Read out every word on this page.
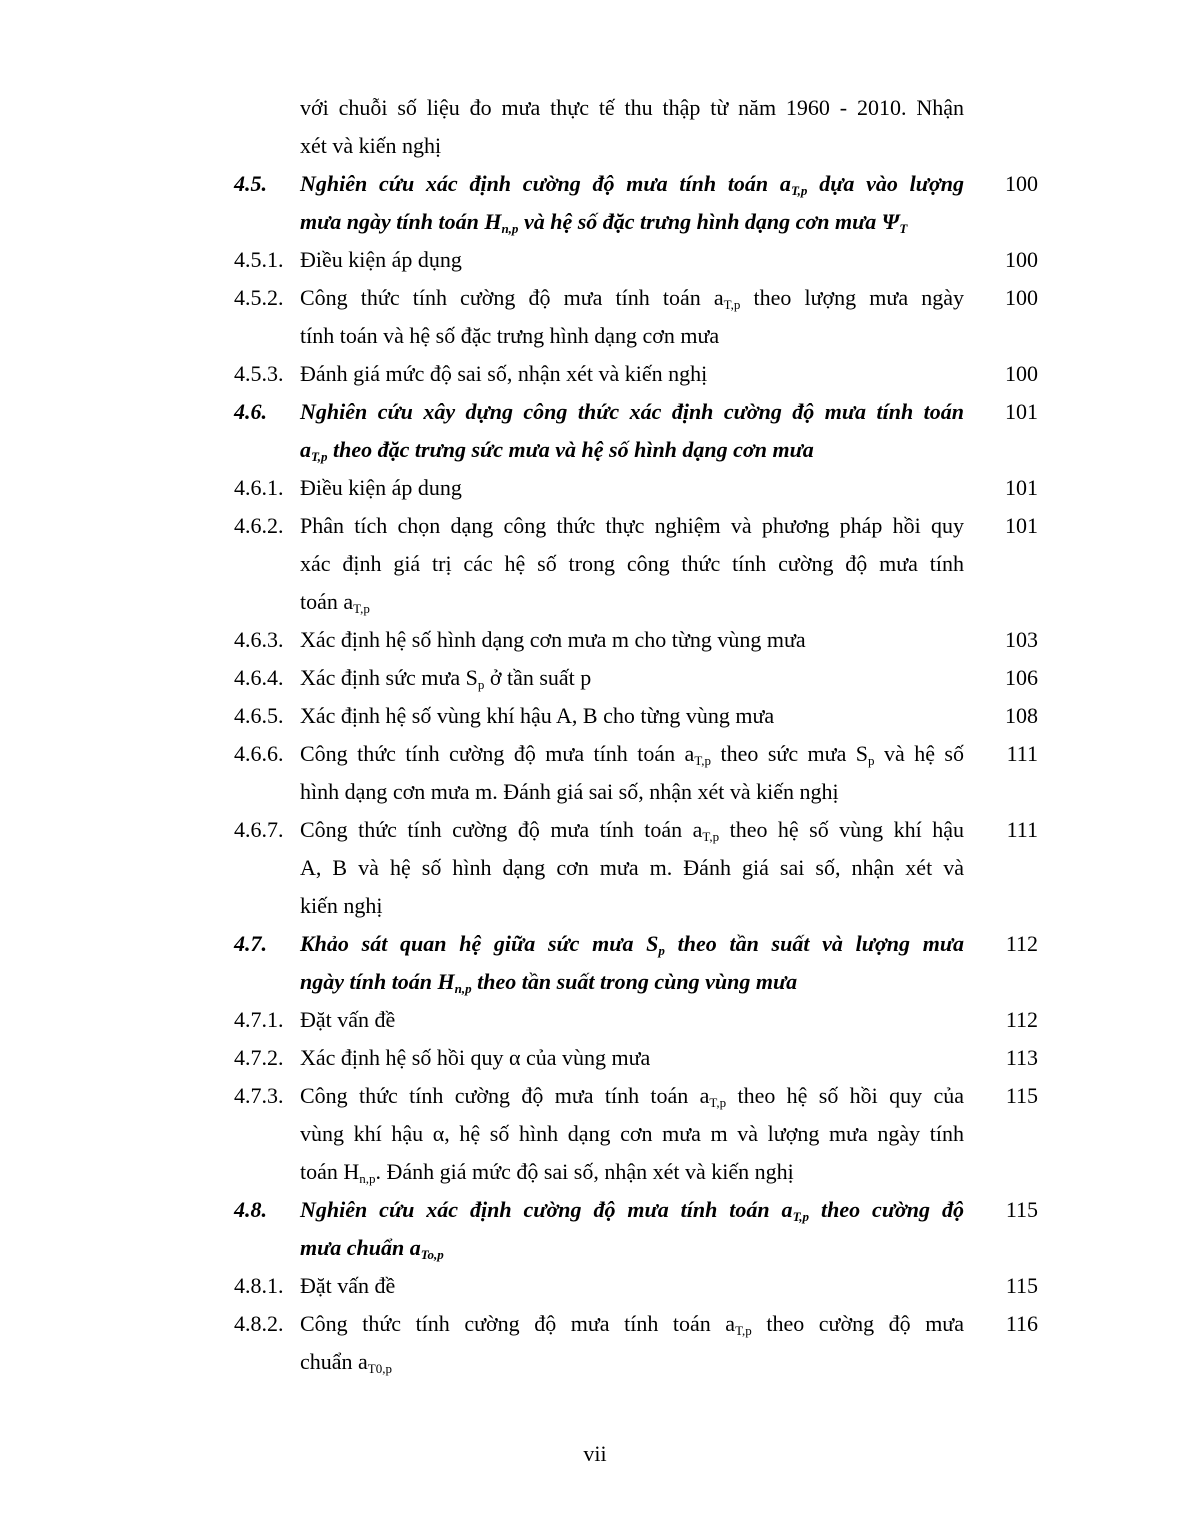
với chuỗi số liệu đo mưa thực tế thu thập từ năm 1960 - 2010. Nhận
xét và kiến nghị
4.5. Nghiên cứu xác định cường độ mưa tính toán $a_{T,p}$ dựa vào lượng
mưa ngày tính toán $H_{n,p}$ và hệ số đặc trưng hình dạng cơn mưa $\Psi_T$
100
4.5.1. Điều kiện áp dụng	100
4.5.2. Công thức tính cường độ mưa tính toán $a_{T,p}$ theo lượng mưa ngày
tính toán và hệ số đặc trưng hình dạng cơn mưa
100
4.5.3. Đánh giá mức độ sai số, nhận xét và kiến nghị	100
4.6. Nghiên cứu xây dựng công thức xác định cường độ mưa tính toán
$a_{T,p}$ theo đặc trưng sức mưa và hệ số hình dạng cơn mưa
101
4.6.1. Điều kiện áp dung	101
4.6.2. Phân tích chọn dạng công thức thực nghiệm và phương pháp hồi quy
xác định giá trị các hệ số trong công thức tính cường độ mưa tính
toán $a_{T,p}$
101
4.6.3. Xác định hệ số hình dạng cơn mưa m cho từng vùng mưa	103
4.6.4. Xác định sức mưa $S_p$ ở tần suất p	106
4.6.5. Xác định hệ số vùng khí hậu A, B cho từng vùng mưa	108
4.6.6. Công thức tính cường độ mưa tính toán $a_{T,p}$ theo sức mưa $S_p$ và hệ số
hình dạng cơn mưa m. Đánh giá sai số, nhận xét và kiến nghị
111
4.6.7. Công thức tính cường độ mưa tính toán $a_{T,p}$ theo hệ số vùng khí hậu
A, B và hệ số hình dạng cơn mưa m. Đánh giá sai số, nhận xét và
kiến nghị
111
4.7. Khảo sát quan hệ giữa sức mưa $S_p$ theo tần suất và lượng mưa
ngày tính toán $H_{n,p}$ theo tần suất trong cùng vùng mưa
112
4.7.1. Đặt vấn đề	112
4.7.2. Xác định hệ số hồi quy α của vùng mưa	113
4.7.3. Công thức tính cường độ mưa tính toán $a_{T,p}$ theo hệ số hồi quy của
vùng khí hậu α, hệ số hình dạng cơn mưa m và lượng mưa ngày tính
toán $H_{n,p}$. Đánh giá mức độ sai số, nhận xét và kiến nghị
115
4.8. Nghiên cứu xác định cường độ mưa tính toán $a_{T,p}$ theo cường độ
mưa chuẩn $a_{To,p}$
115
4.8.1. Đặt vấn đề	115
4.8.2. Công thức tính cường độ mưa tính toán $a_{T,p}$ theo cường độ mưa
chuẩn $a_{T0,p}$
116
vii
